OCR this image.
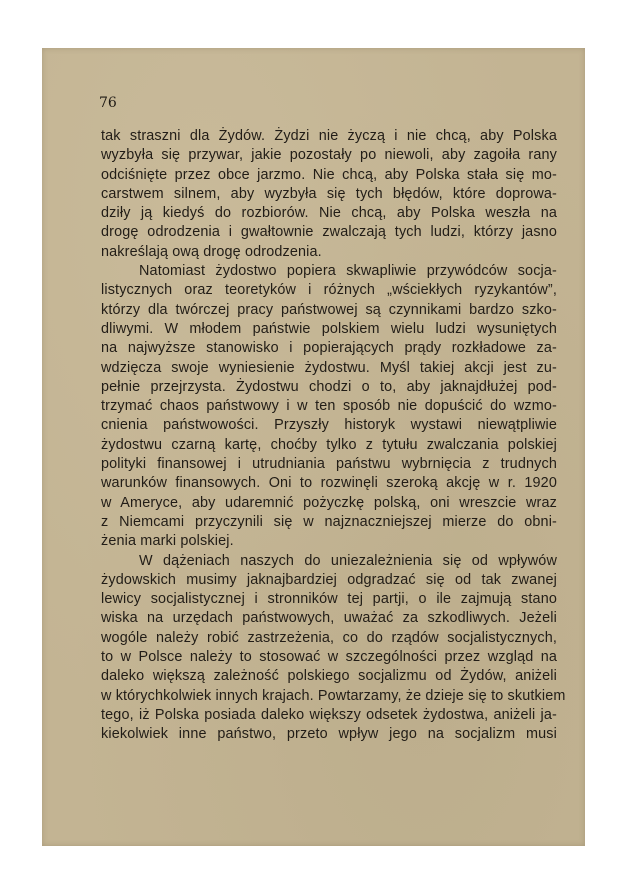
76
tak straszni dla Żydów. Żydzi nie życzą i nie chcą, aby Polska
wyzbyła się przywar, jakie pozostały po niewoli, aby zagoiła rany
odciśnięte przez obce jarzmo. Nie chcą, aby Polska stała się mo-
carstwem silnem, aby wyzbyła się tych błędów, które doprowa-
dziły ją kiedyś do rozbiorów. Nie chcą, aby Polska weszła na
drogę odrodzenia i gwałtownie zwalczają tych ludzi, którzy jasno
nakreślają ową drogę odrodzenia.
Natomiast żydostwo popiera skwapliwie przywódców socja-
listycznych oraz teoretyków i różnych „wściekłych ryzykantów”,
którzy dla twórczej pracy państwowej są czynnikami bardzo szko-
dliwymi. W młodem państwie polskiem wielu ludzi wysuniętych
na najwyższe stanowisko i popierających prądy rozkładowe za-
wdzięcza swoje wyniesienie żydostwu. Myśl takiej akcji jest zu-
pełnie przejrzysta. Żydostwu chodzi o to, aby jaknajdłużej pod-
trzymać chaos państwowy i w ten sposób nie dopuścić do wzmo-
cnienia państwowości. Przyszły historyk wystawi niewątpliwie
żydostwu czarną kartę, choćby tylko z tytułu zwalczania polskiej
polityki finansowej i utrudniania państwu wybrnięcia z trudnych
warunków finansowych. Oni to rozwinęli szeroką akcję w r. 1920
w Ameryce, aby udaremnić pożyczkę polską, oni wreszcie wraz
z Niemcami przyczynili się w najznaczniejszej mierze do obni-
żenia marki polskiej.
W dążeniach naszych do uniezależnienia się od wpływów
żydowskich musimy jaknajbardziej odgradzać się od tak zwanej
lewicy socjalistycznej i stronników tej partji, o ile zajmują stano
wiska na urzędach państwowych, uważać za szkodliwych. Jeżeli
wogóle należy robić zastrzeżenia, co do rządów socjalistycznych,
to w Polsce należy to stosować w szczególności przez wzgląd na
daleko większą zależność polskiego socjalizmu od Żydów, aniżeli
w którychkolwiek innych krajach. Powtarzamy, że dzieje się to skutkiem
tego, iż Polska posiada daleko większy odsetek żydostwa, aniżeli ja-
kiekolwiek inne państwo, przeto wpływ jego na socjalizm musi
